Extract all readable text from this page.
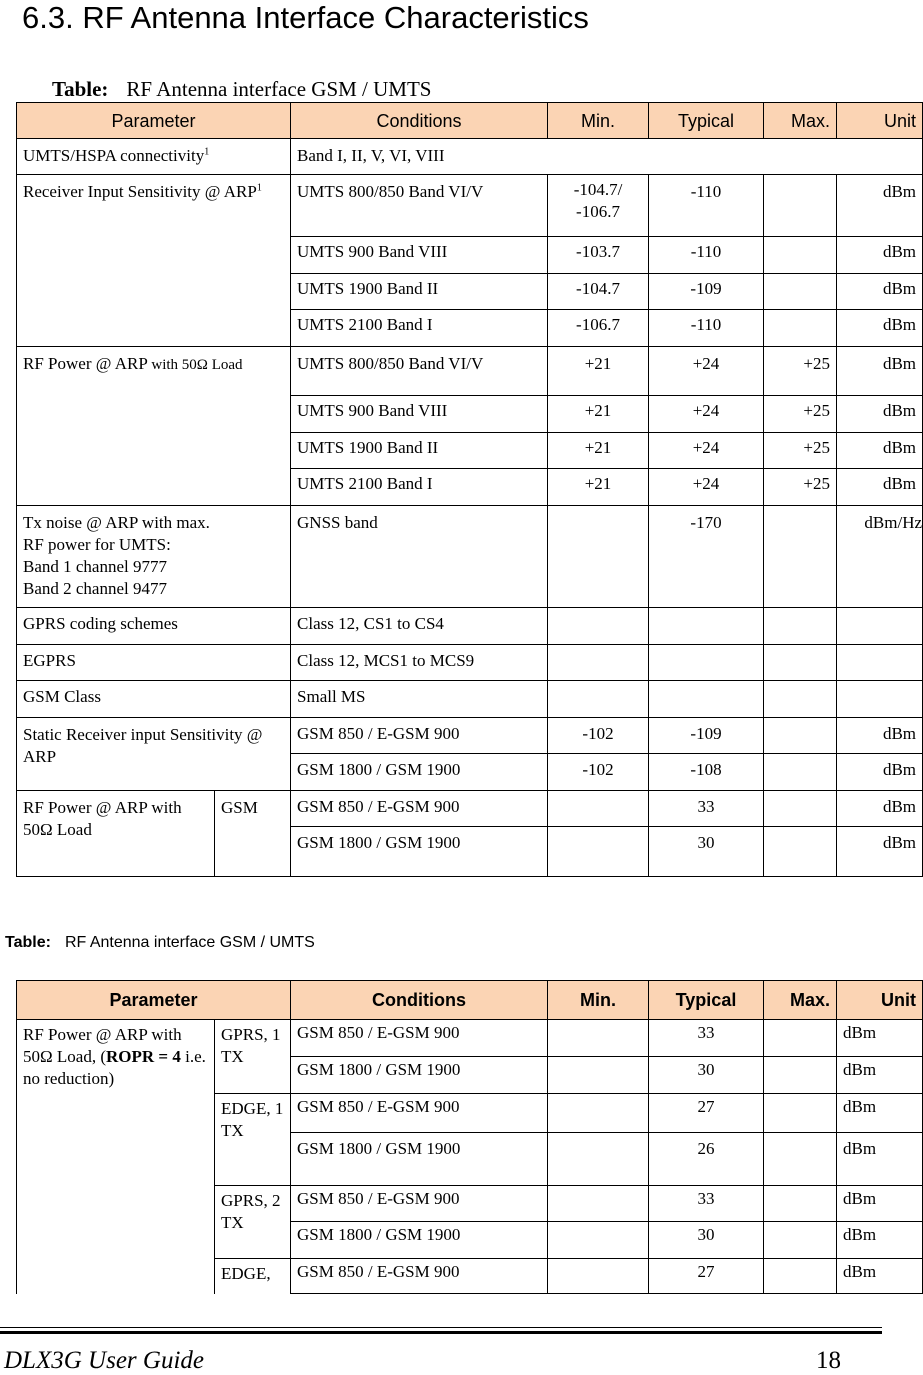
6.3. RF Antenna Interface Characteristics
Table: RF Antenna interface GSM / UMTS
Parameter		Conditions	Min.	Typical	Max.	Unit
UMTS/HSPA connectivity$^1$		Band I, II, V, VI, VIII				
Receiver Input Sensitivity @ ARP$^1$		UMTS 800/850 Band VI/V	-104.7/ -106.7	-110		dBm
		UMTS 900 Band VIII	-103.7	-110		dBm
		UMTS 1900 Band II	-104.7	-109		dBm
		UMTS 2100 Band I	-106.7	-110		dBm
RF Power @ ARP with 50Ω Load		UMTS 800/850 Band VI/V	+21	+24	+25	dBm
		UMTS 900 Band VIII	+21	+24	+25	dBm
		UMTS 1900 Band II	+21	+24	+25	dBm
		UMTS 2100 Band I	+21	+24	+25	dBm

Tx noise @ ARP with max.
RF power for UMTS:
Band 1 channel 9777
Band 2 channel 9477		GNSS band		-170		dBm/Hz
GPRS coding schemes		Class 12, CS1 to CS4				
EGPRS		Class 12, MCS1 to MCS9				
GSM Class		Small MS				
Static Receiver input Sensitivity @ ARP		GSM 850 / E-GSM 900	-102	-109		dBm
		GSM 1800 / GSM 1900	-102	-108		dBm
RF Power @ ARP with 50Ω Load	GSM	GSM 850 / E-GSM 900		33		dBm
		GSM 1800 / GSM 1900		30		dBm
Table: RF Antenna interface GSM / UMTS
Parameter		Conditions	Min.	Typical	Max.	Unit
RF Power @ ARP with 50Ω Load, (ROPR = 4 i.e. no reduction)	GPRS, 1 TX	GSM 850 / E-GSM 900		33		dBm
		GSM 1800 / GSM 1900		30		dBm
	EDGE, 1 TX	GSM 850 / E-GSM 900		27		dBm
		GSM 1800 / GSM 1900		26		dBm
	GPRS, 2 TX	GSM 850 / E-GSM 900		33		dBm
		GSM 1800 / GSM 1900		30		dBm
	EDGE,	GSM 850 / E-GSM 900		27		dBm
DLX3G User Guide	18
